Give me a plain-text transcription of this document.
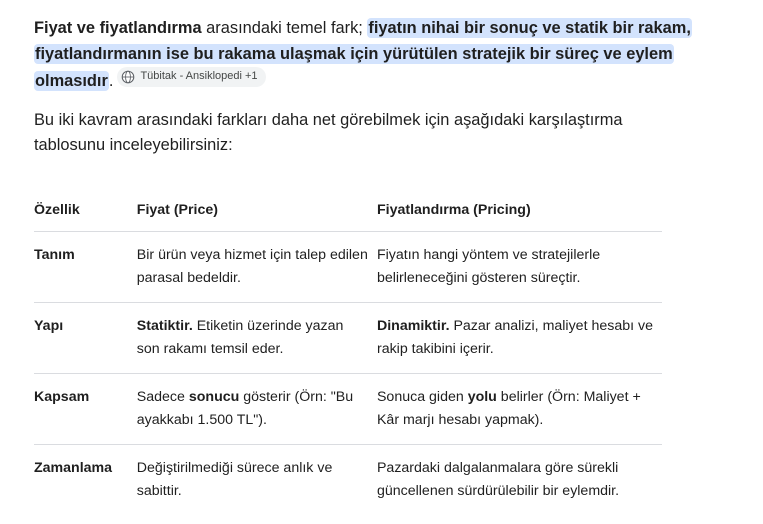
Fiyat ve fiyatlandırma arasındaki temel fark; fiyatın nihai bir sonuç ve statik bir rakam, fiyatlandırmanın ise bu rakama ulaşmak için yürütülen stratejik bir süreç ve eylem olmasıdır. Tübitak - Ansiklopedi +1

Bu iki kavram arasındaki farkları daha net görebilmek için aşağıdaki karşılaştırma tablosunu inceleyebilirsiniz:

Özellik	Fiyat (Price)	Fiyatlandırma (Pricing)
Tanım	Bir ürün veya hizmet için talep edilen parasal bedeldir.	Fiyatın hangi yöntem ve stratejilerle belirleneceğini gösteren süreçtir.
Yapı	Statiktir. Etiketin üzerinde yazan son rakamı temsil eder.	Dinamiktir. Pazar analizi, maliyet hesabı ve rakip takibini içerir.
Kapsam	Sadece sonucu gösterir (Örn: "Bu ayakkabı 1.500 TL").	Sonuca giden yolu belirler (Örn: Maliyet + Kâr marjı hesabı yapmak).
Zamanlama	Değiştirilmediği sürece anlık ve sabittir.	Pazardaki dalgalanmalara göre sürekli güncellenen sürdürülebilir bir eylemdir.
